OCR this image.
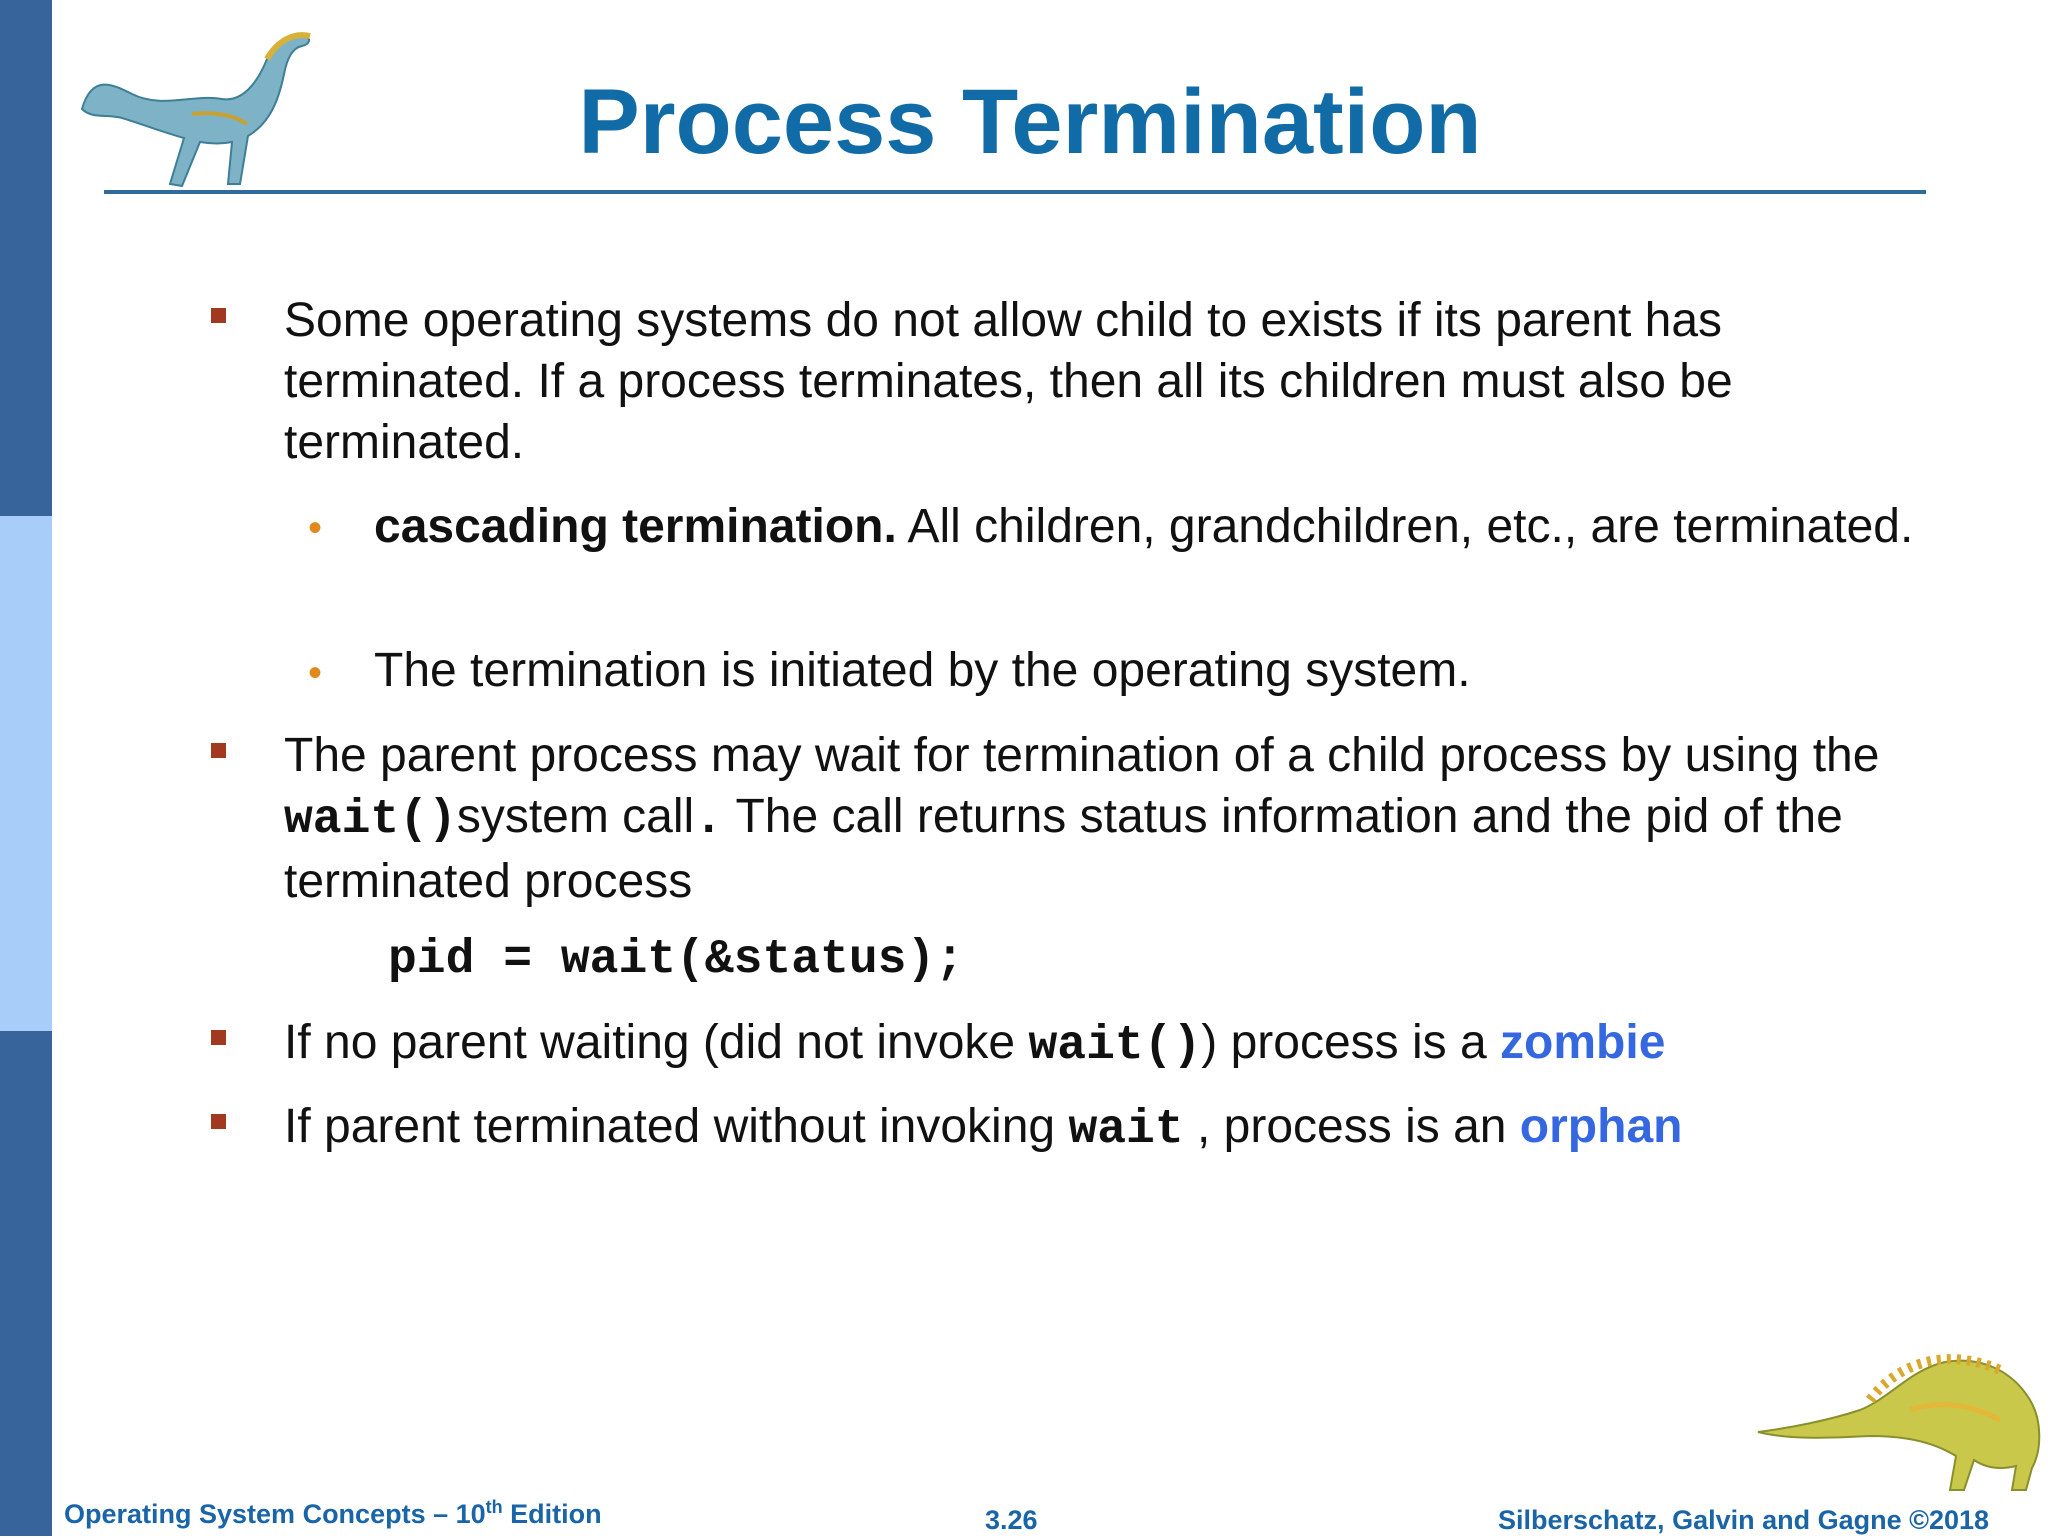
Process Termination
Some operating systems do not allow child to exists if its parent has terminated. If a process terminates, then all its children must also be terminated.
• cascading termination. All children, grandchildren, etc., are terminated.
• The termination is initiated by the operating system.
The parent process may wait for termination of a child process by using the wait()system call. The call returns status information and the pid of the terminated process
pid = wait(&status);
If no parent waiting (did not invoke wait()) process is a zombie
If parent terminated without invoking wait , process is an orphan
Operating System Concepts – 10th Edition	3.26	Silberschatz, Galvin and Gagne ©2018
